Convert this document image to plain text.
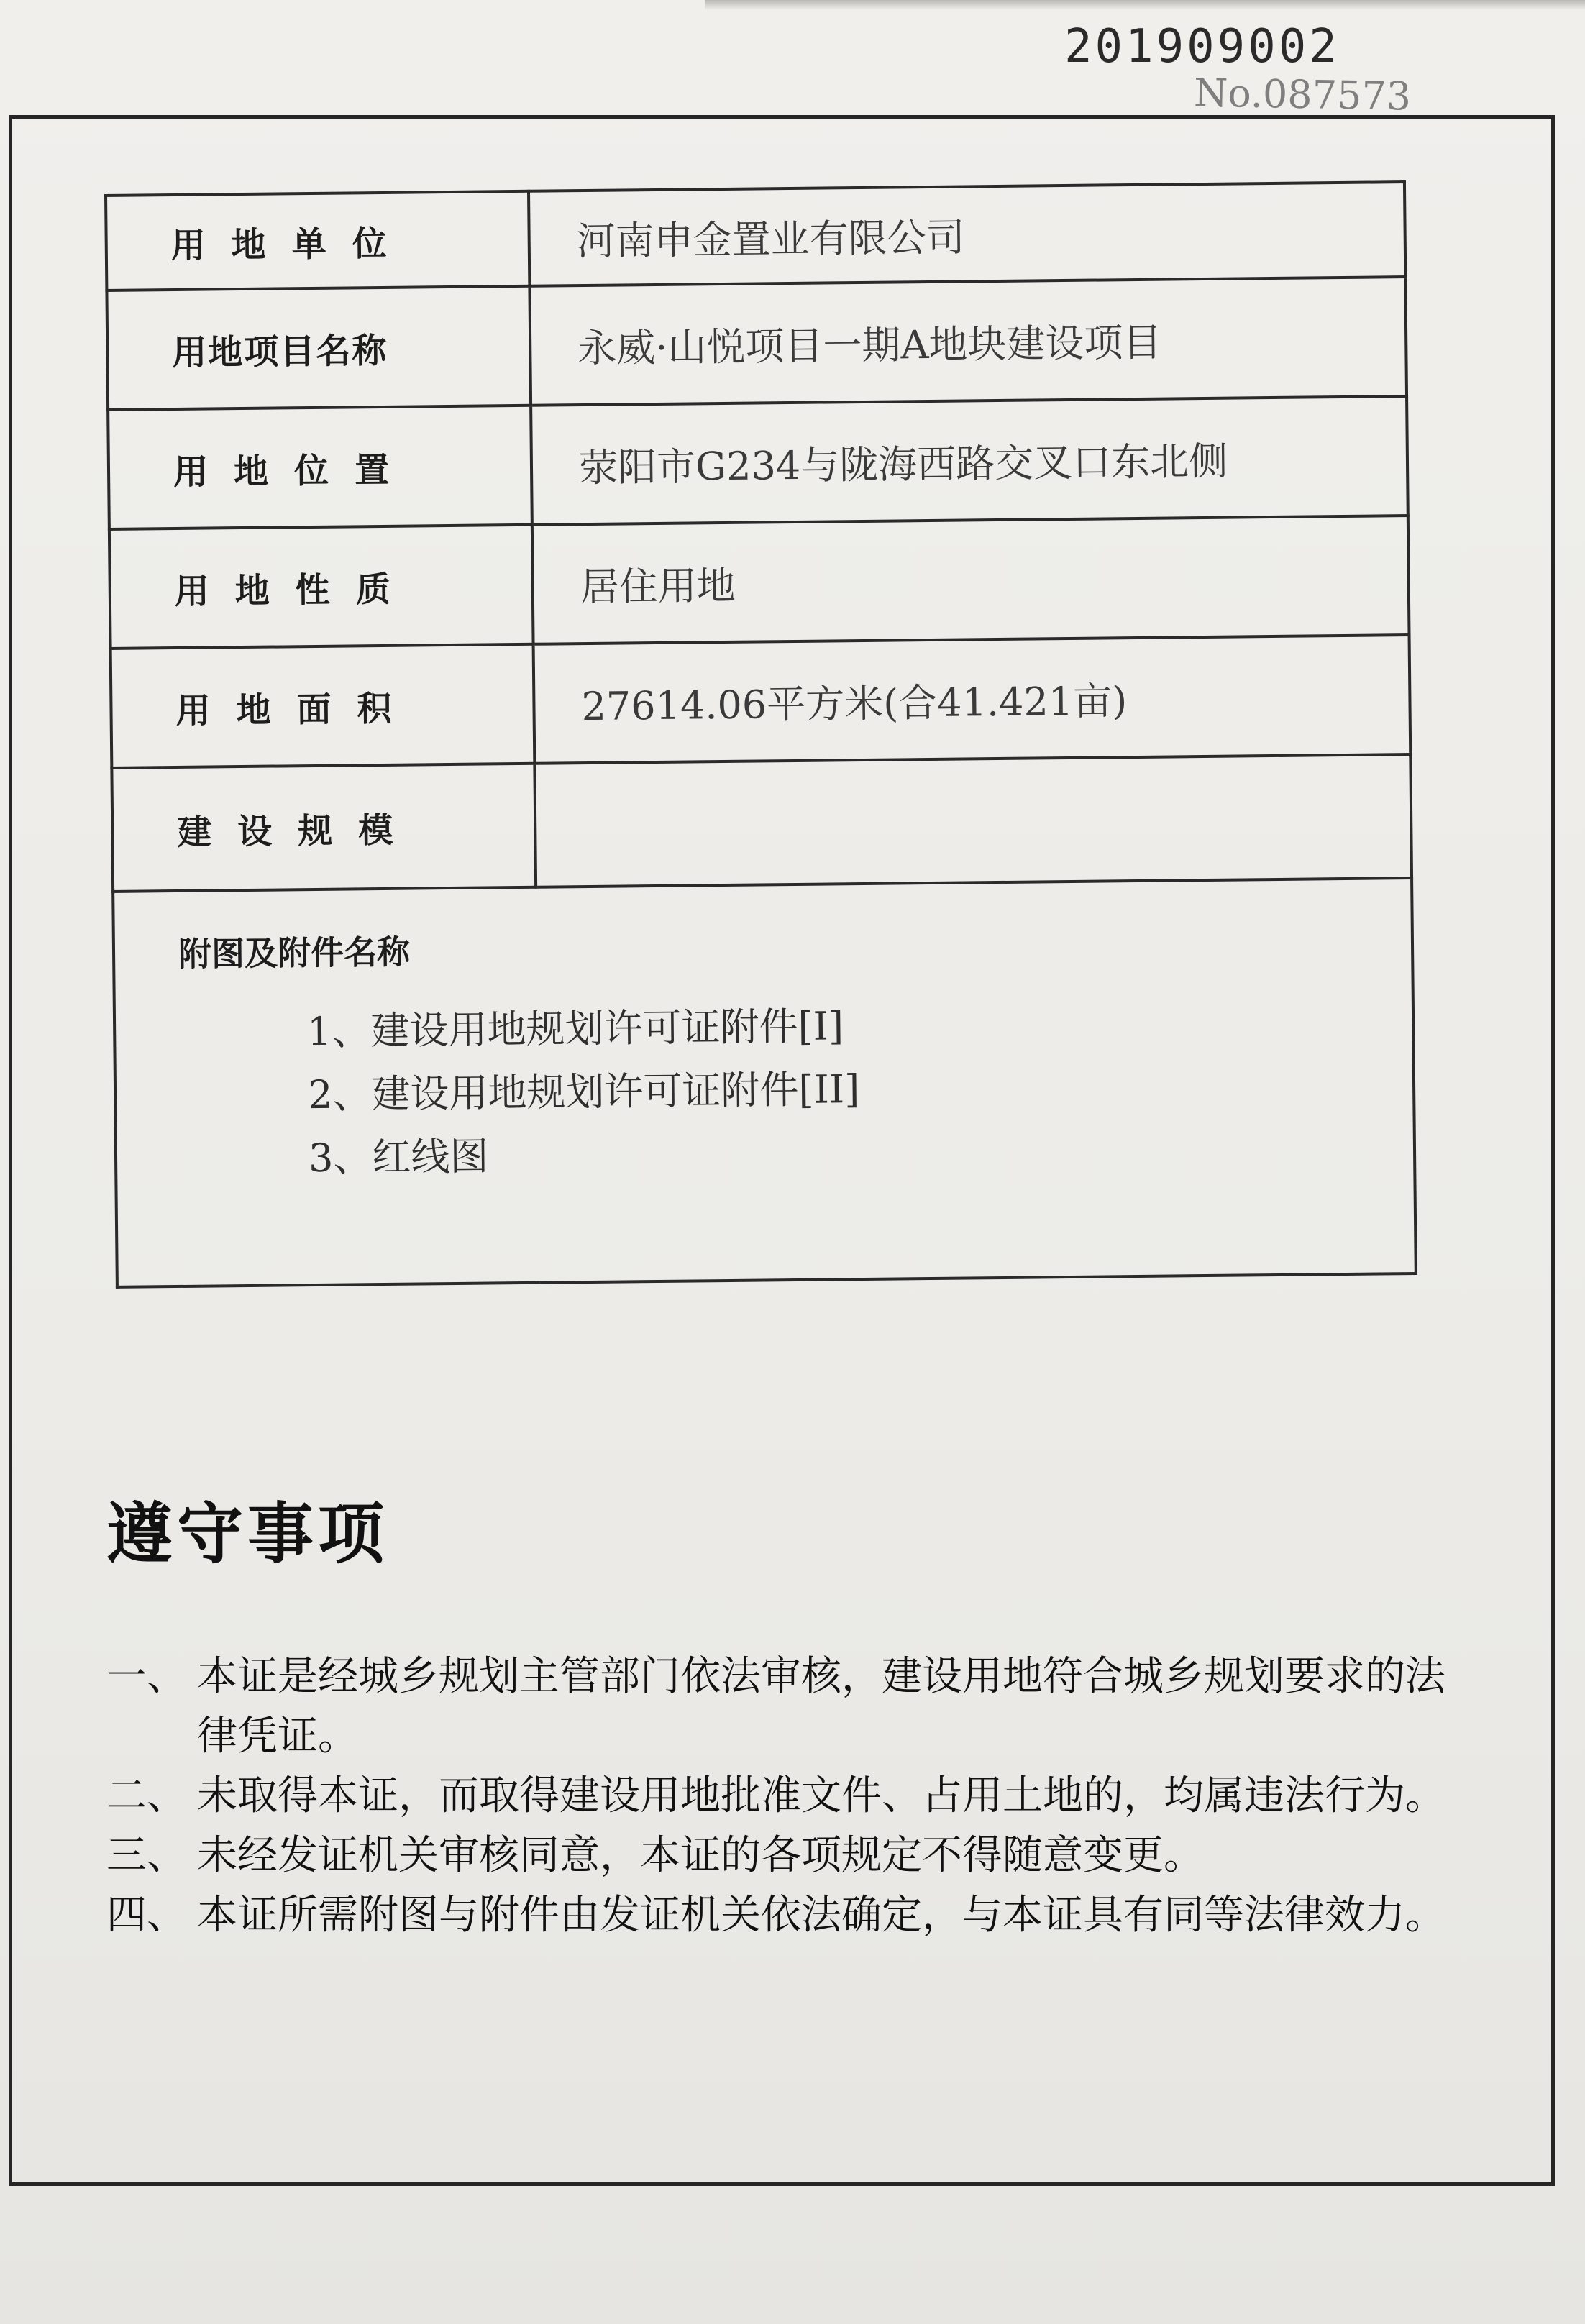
201909002
No.087573
用地单位	河南申金置业有限公司
用地项目名称	永威·山悦项目一期A地块建设项目
用地位置	荥阳市G234与陇海西路交叉口东北侧
用地性质	居住用地
用地面积	27614.06平方米(合41.421亩)
建设规模	

附图及附件名称
1、建设用地规划许可证附件[I]
2、建设用地规划许可证附件[II]
3、红线图	
遵守事项
一、 本证是经城乡规划主管部门依法审核，建设用地符合城乡规划要求的法律凭证。
二、 未取得本证，而取得建设用地批准文件、占用土地的，均属违法行为。
三、 未经发证机关审核同意，本证的各项规定不得随意变更。
四、 本证所需附图与附件由发证机关依法确定，与本证具有同等法律效力。
